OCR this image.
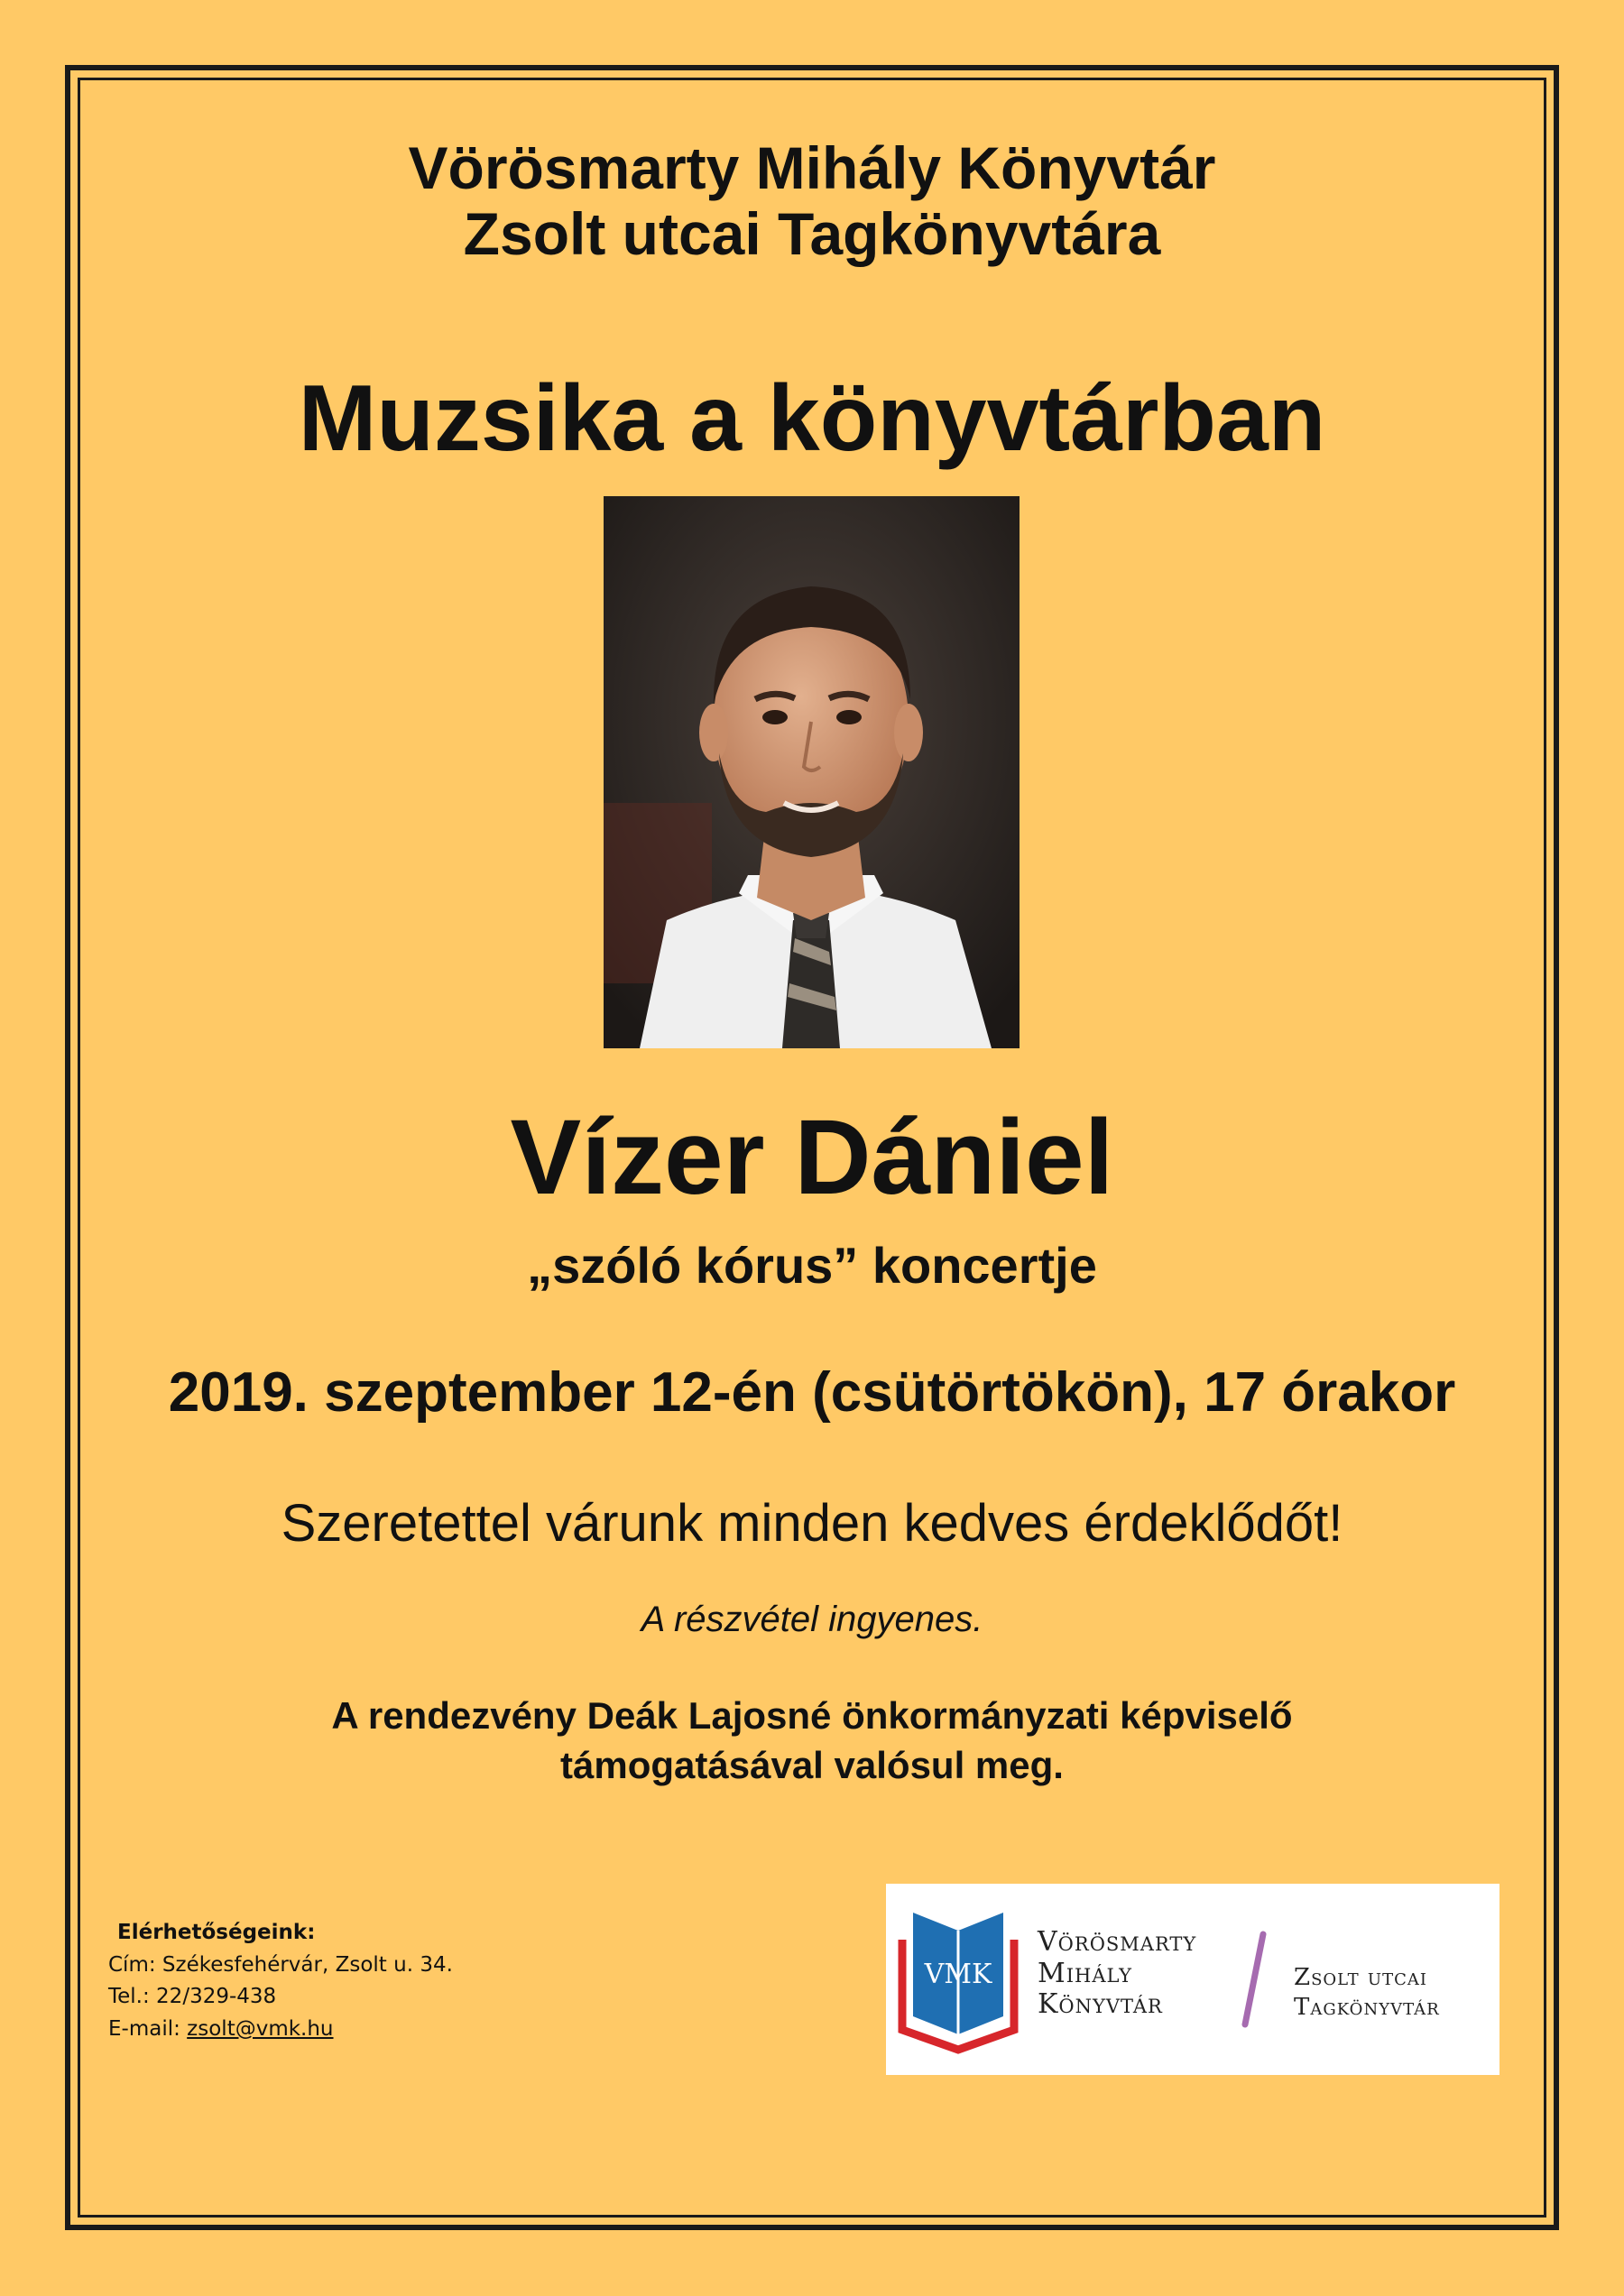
Vörösmarty Mihály Könyvtár
Zsolt utcai Tagkönyvtára
Muzsika a könyvtárban
Vízer Dániel
„szóló kórus” koncertje
2019. szeptember 12-én (csütörtökön), 17 órakor
Szeretettel várunk minden kedves érdeklődőt!
A részvétel ingyenes.
A rendezvény Deák Lajosné önkormányzati képviselő
támogatásával valósul meg.
Elérhetőségeink:
Cím: Székesfehérvár, Zsolt u. 34.
Tel.: 22/329-438
E-mail: zsolt@vmk.hu
VMK
Vörösmarty
Mihály
Könyvtár
Zsolt utcai
Tagkönyvtár
